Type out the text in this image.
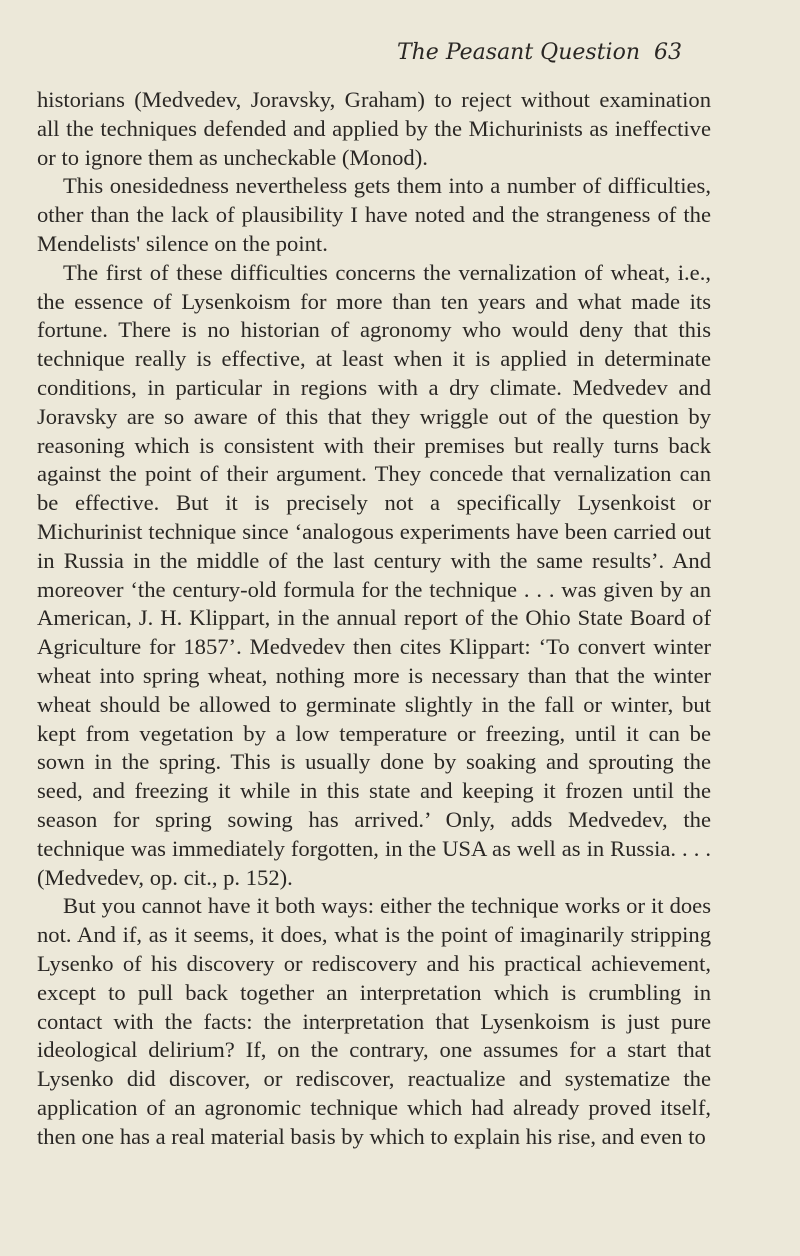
The Peasant Question 63

historians (Medvedev, Joravsky, Graham) to reject without examination all the techniques defended and applied by the Michurinists as ineffective or to ignore them as uncheckable (Monod).

This onesidedness nevertheless gets them into a number of difficulties, other than the lack of plausibility I have noted and the strangeness of the Mendelists' silence on the point.

The first of these difficulties concerns the vernalization of wheat, i.e., the essence of Lysenkoism for more than ten years and what made its fortune. There is no historian of agronomy who would deny that this technique really is effective, at least when it is applied in determinate conditions, in particular in regions with a dry climate. Medvedev and Joravsky are so aware of this that they wriggle out of the question by reasoning which is consistent with their premises but really turns back against the point of their argument. They concede that vernalization can be effective. But it is precisely not a specifically Lysenkoist or Michurinist technique since ‘analogous experiments have been carried out in Russia in the middle of the last century with the same results’. And moreover ‘the century-old formula for the technique . . . was given by an American, J. H. Klippart, in the annual report of the Ohio State Board of Agriculture for 1857’. Medvedev then cites Klippart: ‘To convert winter wheat into spring wheat, nothing more is necessary than that the winter wheat should be allowed to germinate slightly in the fall or winter, but kept from vegetation by a low temperature or freezing, until it can be sown in the spring. This is usually done by soaking and sprouting the seed, and freezing it while in this state and keeping it frozen until the season for spring sowing has arrived.’ Only, adds Medvedev, the technique was immediately forgotten, in the USA as well as in Russia. . . . (Medvedev, op. cit., p. 152).

But you cannot have it both ways: either the technique works or it does not. And if, as it seems, it does, what is the point of imaginarily stripping Lysenko of his discovery or rediscovery and his practical achievement, except to pull back together an interpretation which is crumbling in contact with the facts: the interpretation that Lysenkoism is just pure ideological delirium? If, on the contrary, one assumes for a start that Lysenko did discover, or rediscover, reactualize and systematize the application of an agronomic technique which had already proved itself, then one has a real material basis by which to explain his rise, and even to
